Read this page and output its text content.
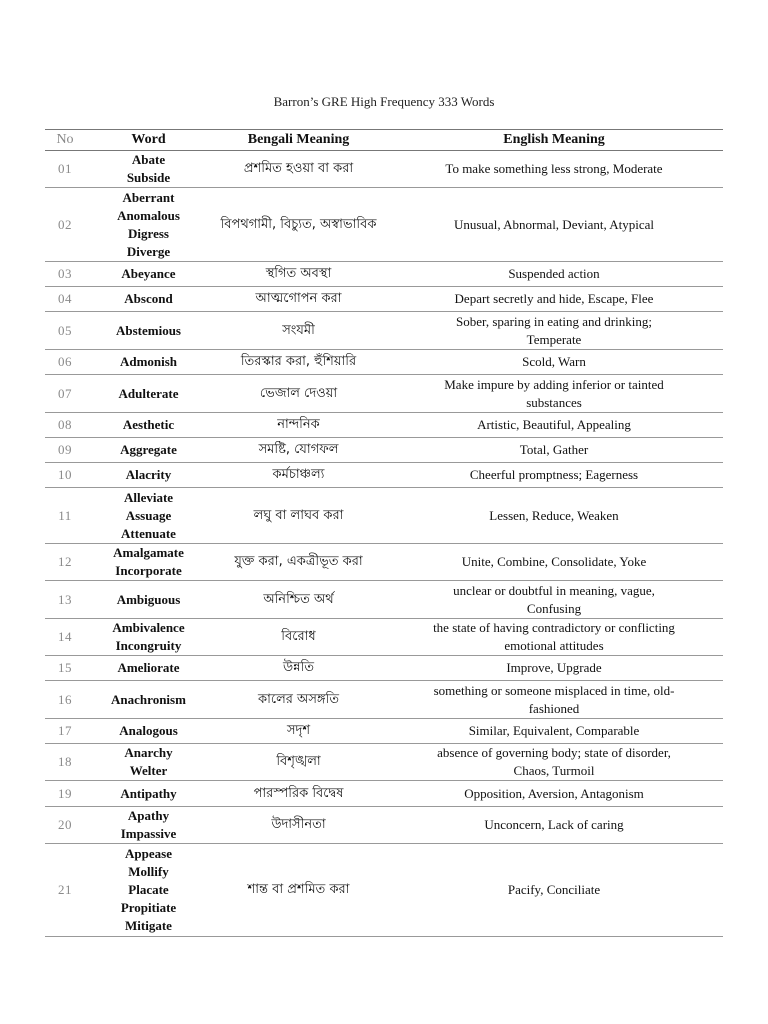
Barron’s GRE High Frequency 333 Words
No	Word	Bengali Meaning	English Meaning
01	Abate
Subside	প্রশমিত হওয়া বা করা	To make something less strong, Moderate

02	Aberrant
Anomalous
Digress
Diverge	বিপথগামী, বিচ্যুত, অস্বাভাবিক	Unusual, Abnormal, Deviant, Atypical

03	Abeyance	স্থগিত অবস্থা	Suspended action

04	Abscond	আত্মগোপন করা	Depart secretly and hide, Escape, Flee

05	Abstemious	সংযমী	Sober, sparing in eating and drinking;
Temperate

06	Admonish	তিরস্কার করা, হুঁশিয়ারি	Scold, Warn

07	Adulterate	ভেজাল দেওয়া	Make impure by adding inferior or tainted
substances

08	Aesthetic	নান্দনিক	Artistic, Beautiful, Appealing

09	Aggregate	সমষ্টি, যোগফল	Total, Gather

10	Alacrity	কর্মচাঞ্চল্য	Cheerful promptness; Eagerness

11	Alleviate
Assuage
Attenuate	লঘু বা লাঘব করা	Lessen, Reduce, Weaken

12	Amalgamate
Incorporate	যুক্ত করা, একত্রীভূত করা	Unite, Combine, Consolidate, Yoke

13	Ambiguous	অনিশ্চিত অর্থ	unclear or doubtful in meaning, vague,
Confusing

14	Ambivalence
Incongruity	বিরোধ	the state of having contradictory or conflicting
emotional attitudes

15	Ameliorate	উন্নতি	Improve, Upgrade

16	Anachronism	কালের অসঙ্গতি	something or someone misplaced in time, old-
fashioned

17	Analogous	সদৃশ	Similar, Equivalent, Comparable

18	Anarchy
Welter	বিশৃঙ্খলা	absence of governing body; state of disorder,
Chaos, Turmoil

19	Antipathy	পারস্পরিক বিদ্বেষ	Opposition, Aversion, Antagonism

20	Apathy
Impassive	উদাসীনতা	Unconcern, Lack of caring

21	Appease
Mollify
Placate
Propitiate
Mitigate	শান্ত বা প্রশমিত করা	Pacify, Conciliate
